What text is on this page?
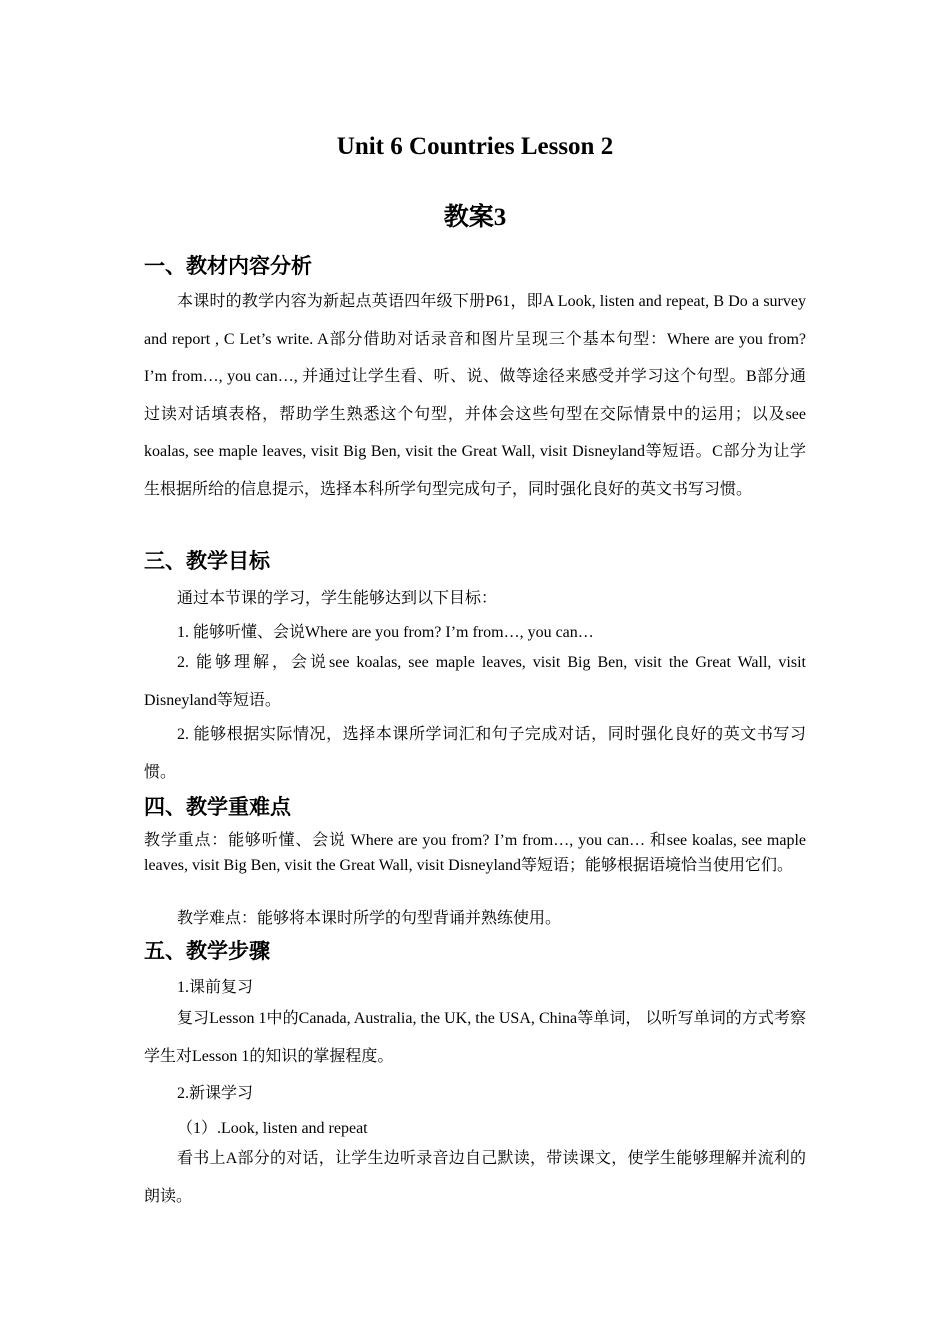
Unit 6 Countries Lesson 2
教案3
一、教材内容分析

本课时的教学内容为新起点英语四年级下册P61，即A Look, listen and repeat, B Do a survey and report , C Let’s write. A部分借助对话录音和图片呈现三个基本句型：Where are you from? I’m from…, you can…, 并通过让学生看、听、说、做等途径来感受并学习这个句型。B部分通过读对话填表格，帮助学生熟悉这个句型，并体会这些句型在交际情景中的运用；以及see koalas, see maple leaves, visit Big Ben, visit the Great Wall, visit Disneyland等短语。C部分为让学生根据所给的信息提示，选择本科所学句型完成句子，同时强化良好的英文书写习惯。

三、教学目标

通过本节课的学习，学生能够达到以下目标：

1. 能够听懂、会说Where are you from? I’m from…, you can…

2. 能够理解，会说see koalas, see maple leaves, visit Big Ben, visit the Great Wall, visit Disneyland等短语。

2. 能够根据实际情况，选择本课所学词汇和句子完成对话，同时强化良好的英文书写习惯。

四、教学重难点

教学重点：能够听懂、会说 Where are you from? I’m from…, you can… 和see koalas, see maple leaves, visit Big Ben, visit the Great Wall, visit Disneyland等短语；能够根据语境恰当使用它们。

教学难点：能够将本课时所学的句型背诵并熟练使用。

五、教学步骤

1.课前复习

复习Lesson 1中的Canada, Australia, the UK, the USA, China等单词， 以听写单词的方式考察学生对Lesson 1的知识的掌握程度。

2.新课学习

（1）.Look, listen and repeat

看书上A部分的对话，让学生边听录音边自己默读，带读课文，使学生能够理解并流利的朗读。
